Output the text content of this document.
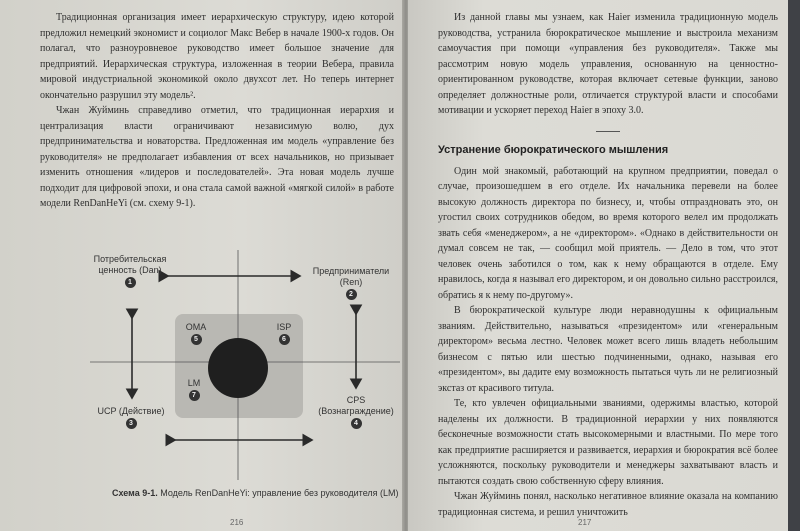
Традиционная организация имеет иерархическую структуру, идею которой предложил немецкий экономист и социолог Макс Вебер в начале 1900-х годов. Он полагал, что разноуровневое руководство имеет большое значение для предприятий. Иерархическая структура, изложенная в теории Вебера, правила мировой индустриальной экономикой около двухсот лет. Но теперь интернет окончательно разрушил эту модель².

Чжан Жуйминь справедливо отметил, что традиционная иерархия и централизация власти ограничивают независимую волю, дух предпринимательства и новаторства. Предложенная им модель «управление без руководителя» не предполагает избавления от всех начальников, но призывает изменить отношения «лидеров и последователей». Эта новая модель лучше подходит для цифровой эпохи, и она стала самой важной «мягкой силой» в работе модели RenDanHeYi (см. схему 9-1).

Потребительская ценность (Dan)
1
Предприниматели (Ren)
2
UCP (Действие)
3
CPS (Вознаграждение)
4
OMA
5
ISP
6
LM
7
Схема 9-1. Модель RenDanHeYi: управление без руководителя (LM)
216

Из данной главы мы узнаем, как Haier изменила традиционную модель руководства, устранила бюрократическое мышление и выстроила механизм самоучастия при помощи «управления без руководителя». Также мы рассмотрим новую модель управления, основанную на ценностно-ориентированном руководстве, которая включает сетевые функции, заново определяет должностные роли, отличается структурой власти и способами мотивации и ускоряет переход Haier в эпоху 3.0.

Устранение бюрократического мышления

Один мой знакомый, работающий на крупном предприятии, поведал о случае, произошедшем в его отделе. Их начальника перевели на более высокую должность директора по бизнесу, и, чтобы отпраздновать это, он угостил своих сотрудников обедом, во время которого велел им продолжать звать себя «менеджером», а не «директором». «Однако в действительности он думал совсем не так, — сообщил мой приятель. — Дело в том, что этот человек очень заботился о том, как к нему обращаются в отделе. Ему нравилось, когда я называл его директором, и он довольно сильно расстроился, обратись я к нему по-другому».

В бюрократической культуре люди неравнодушны к официальным званиям. Действительно, называться «президентом» или «генеральным директором» весьма лестно. Человек может всего лишь владеть небольшим бизнесом с пятью или шестью подчиненными, однако, называя его «президентом», вы дадите ему возможность пытаться чуть ли не религиозный экстаз от красивого титула.

Те, кто увлечен официальными званиями, одержимы властью, которой наделены их должности. В традиционной иерархии у них появляются бесконечные возможности стать высокомерными и властными. По мере того как предприятие расширяется и развивается, иерархия и бюрократия всё более усложняются, поскольку руководители и менеджеры захватывают власть и пытаются создать свою собственную сферу влияния.

Чжан Жуйминь понял, насколько негативное влияние оказала на компанию традиционная система, и решил уничтожить

217
